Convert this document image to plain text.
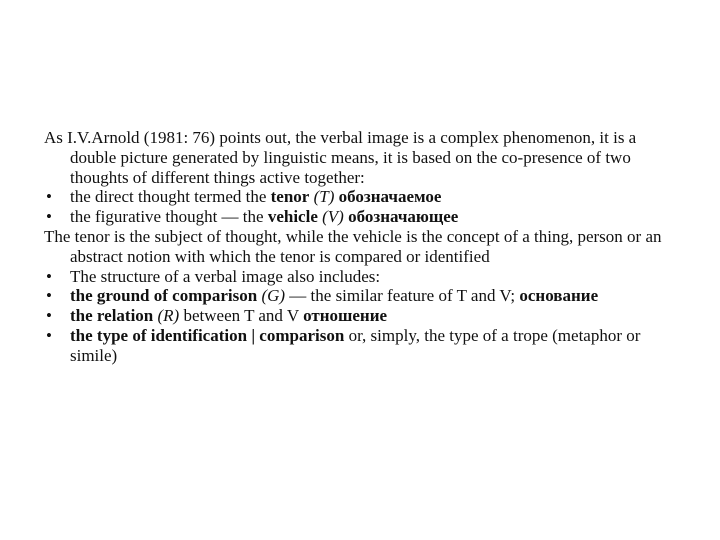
As I.V.Arnold (1981: 76) points out, the verbal image is a complex phenomenon, it is a double picture generated by linguistic means, it is based on the co-presence of two thoughts of different things active together:
• the direct thought termed the tenor (T) обозначаемое
• the figurative thought — the vehicle (V) обозначающее
The tenor is the subject of thought, while the vehicle is the concept of a thing, person or an abstract notion with which the tenor is compared or identified
• The structure of a verbal image also includes:
• the ground of comparison (G) — the similar feature of T and V; основание
• the relation (R) between T and V отношение
• the type of identification | comparison or, simply, the type of a trope (metaphor or simile)
